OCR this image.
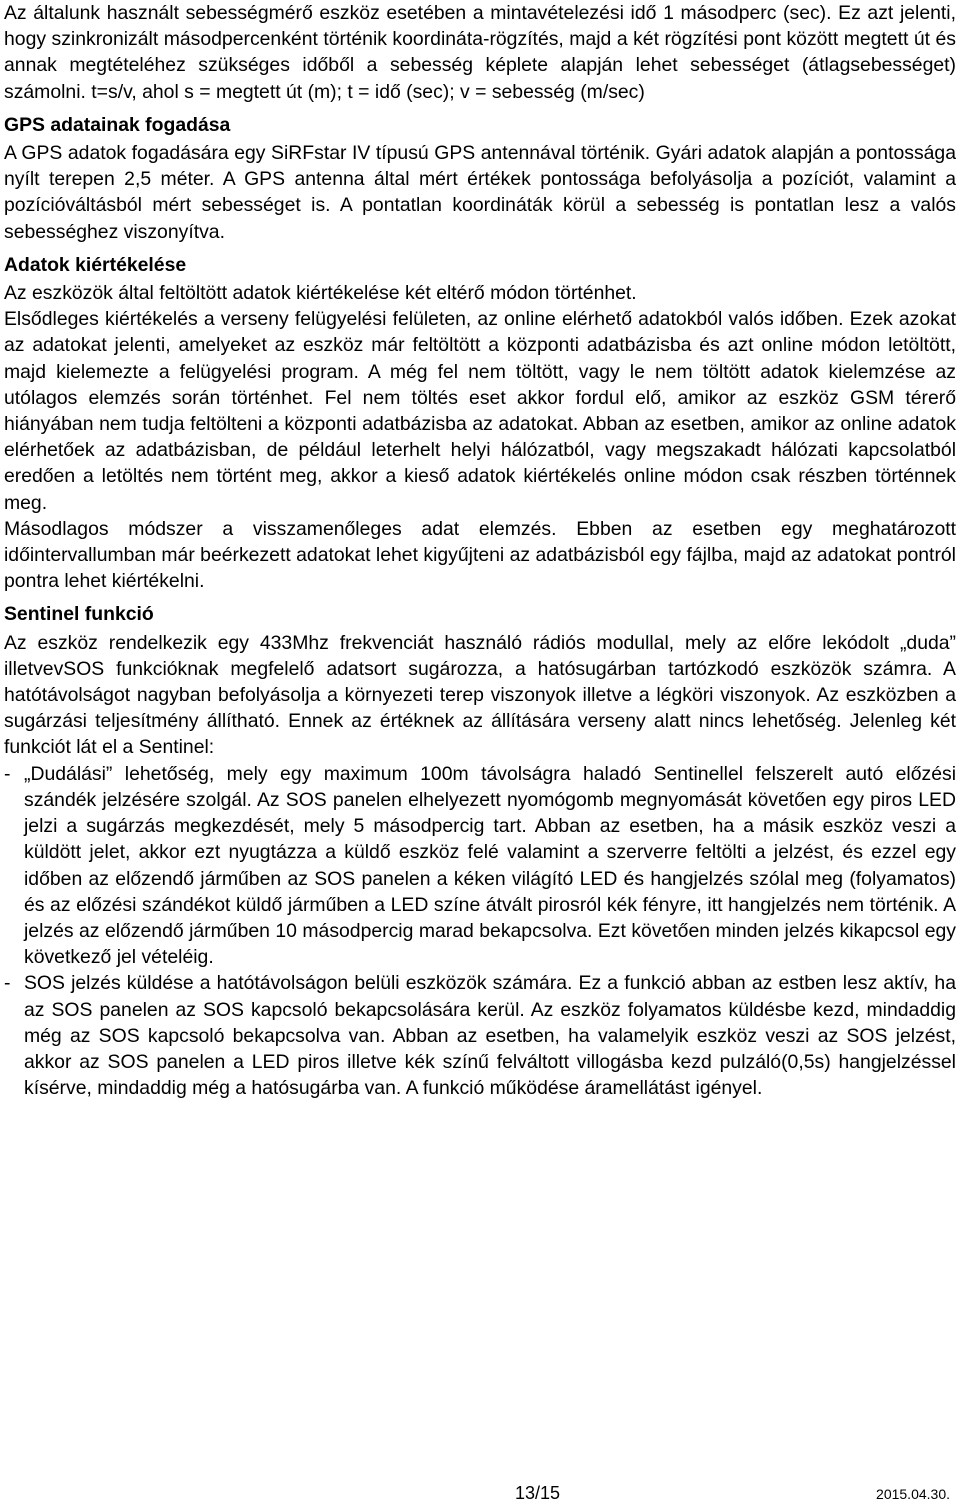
Az általunk használt sebességmérő eszköz esetében a mintavételezési idő 1 másodperc (sec). Ez azt jelenti, hogy szinkronizált másodpercenként történik koordináta-rögzítés, majd a két rögzítési pont között megtett út és annak megtételéhez szükséges időből a sebesség képlete alapján lehet sebességet (átlagsebességet) számolni. t=s/v, ahol s = megtett út (m); t = idő (sec); v = sebesség (m/sec)

GPS adatainak fogadása

A GPS adatok fogadására egy SiRFstar IV típusú GPS antennával történik. Gyári adatok alapján a pontossága nyílt terepen 2,5 méter. A GPS antenna által mért értékek pontossága befolyásolja a pozíciót, valamint a pozícióváltásból mért sebességet is. A pontatlan koordináták körül a sebesség is pontatlan lesz a valós sebességhez viszonyítva.

Adatok kiértékelése

Az eszközök által feltöltött adatok kiértékelése két eltérő módon történhet.

Elsődleges kiértékelés a verseny felügyelési felületen, az online elérhető adatokból valós időben. Ezek azokat az adatokat jelenti, amelyeket az eszköz már feltöltött a központi adatbázisba és azt online módon letöltött, majd kielemezte a felügyelési program. A még fel nem töltött, vagy le nem töltött adatok kielemzése az utólagos elemzés során történhet. Fel nem töltés eset akkor fordul elő, amikor az eszköz GSM térerő hiányában nem tudja feltölteni a központi adatbázisba az adatokat. Abban az esetben, amikor az online adatok elérhetőek az adatbázisban, de például leterhelt helyi hálózatból, vagy megszakadt hálózati kapcsolatból eredően a letöltés nem történt meg, akkor a kieső adatok kiértékelés online módon csak részben történnek meg.

Másodlagos módszer a visszamenőleges adat elemzés. Ebben az esetben egy meghatározott időintervallumban már beérkezett adatokat lehet kigyűjteni az adatbázisból egy fájlba, majd az adatokat pontról pontra lehet kiértékelni.

Sentinel funkció

Az eszköz rendelkezik egy 433Mhz frekvenciát használó rádiós modullal, mely az előre lekódolt „duda” illetvevSOS funkcióknak megfelelő adatsort sugározza, a hatósugárban tartózkodó eszközök számra. A hatótávolságot nagyban befolyásolja a környezeti terep viszonyok illetve a légköri viszonyok. Az eszközben a sugárzási teljesítmény állítható. Ennek az értéknek az állítására verseny alatt nincs lehetőség. Jelenleg két funkciót lát el a Sentinel:

- „Dudálási” lehetőség, mely egy maximum 100m távolságra haladó Sentinellel felszerelt autó előzési szándék jelzésére szolgál. Az SOS panelen elhelyezett nyomógomb megnyomását követően egy piros LED jelzi a sugárzás megkezdését, mely 5 másodpercig tart. Abban az esetben, ha a másik eszköz veszi a küldött jelet, akkor ezt nyugtázza a küldő eszköz felé valamint a szerverre feltölti a jelzést, és ezzel egy időben az előzendő járműben az SOS panelen a kéken világító LED és hangjelzés szólal meg (folyamatos) és az előzési szándékot küldő járműben a LED színe átvált pirosról kék fényre, itt hangjelzés nem történik. A jelzés az előzendő járműben 10 másodpercig marad bekapcsolva. Ezt követően minden jelzés kikapcsol egy következő jel vételéig.
- SOS jelzés küldése a hatótávolságon belüli eszközök számára. Ez a funkció abban az estben lesz aktív, ha az SOS panelen az SOS kapcsoló bekapcsolására kerül. Az eszköz folyamatos küldésbe kezd, mindaddig még az SOS kapcsoló bekapcsolva van. Abban az esetben, ha valamelyik eszköz veszi az SOS jelzést, akkor az SOS panelen a LED piros illetve kék színű felváltott villogásba kezd pulzáló(0,5s) hangjelzéssel kísérve, mindaddig még a hatósugárba van. A funkció működése áramellátást igényel.
13/15	2015.04.30.
